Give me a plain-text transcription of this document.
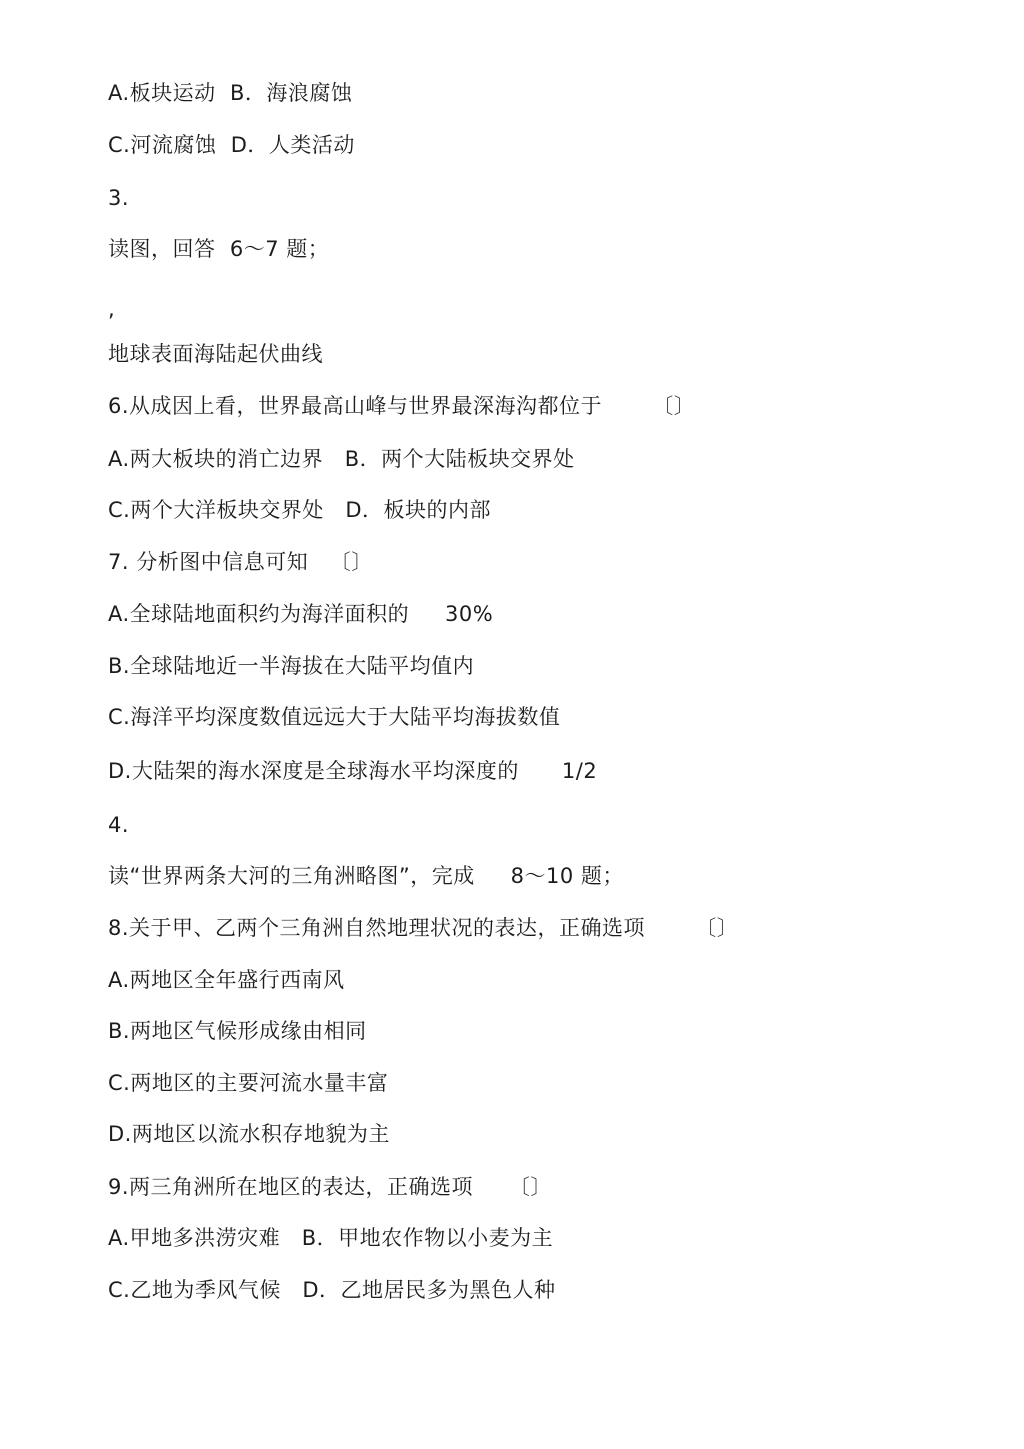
A.板块运动  B．海浪腐蚀
C.河流腐蚀  D．人类活动
3.
读图，回答  6～7 题；
,
地球表面海陆起伏曲线
6.从成因上看，世界最高山峰与世界最深海沟都位于       〔〕
A.两大板块的消亡边界   B．两个大陆板块交界处
C.两个大洋板块交界处   D．板块的内部
7. 分析图中信息可知   〔〕
A.全球陆地面积约为海洋面积的     30%
B.全球陆地近一半海拔在大陆平均值内
C.海洋平均深度数值远远大于大陆平均海拔数值
D.大陆架的海水深度是全球海水平均深度的      1/2
4.
读“世界两条大河的三角洲略图”，完成     8～10 题；
8.关于甲、乙两个三角洲自然地理状况的表达，正确选项       〔〕
A.两地区全年盛行西南风
B.两地区气候形成缘由相同
C.两地区的主要河流水量丰富
D.两地区以流水积存地貌为主
9.两三角洲所在地区的表达，正确选项     〔〕
A.甲地多洪涝灾难   B．甲地农作物以小麦为主
C.乙地为季风气候   D．乙地居民多为黑色人种
